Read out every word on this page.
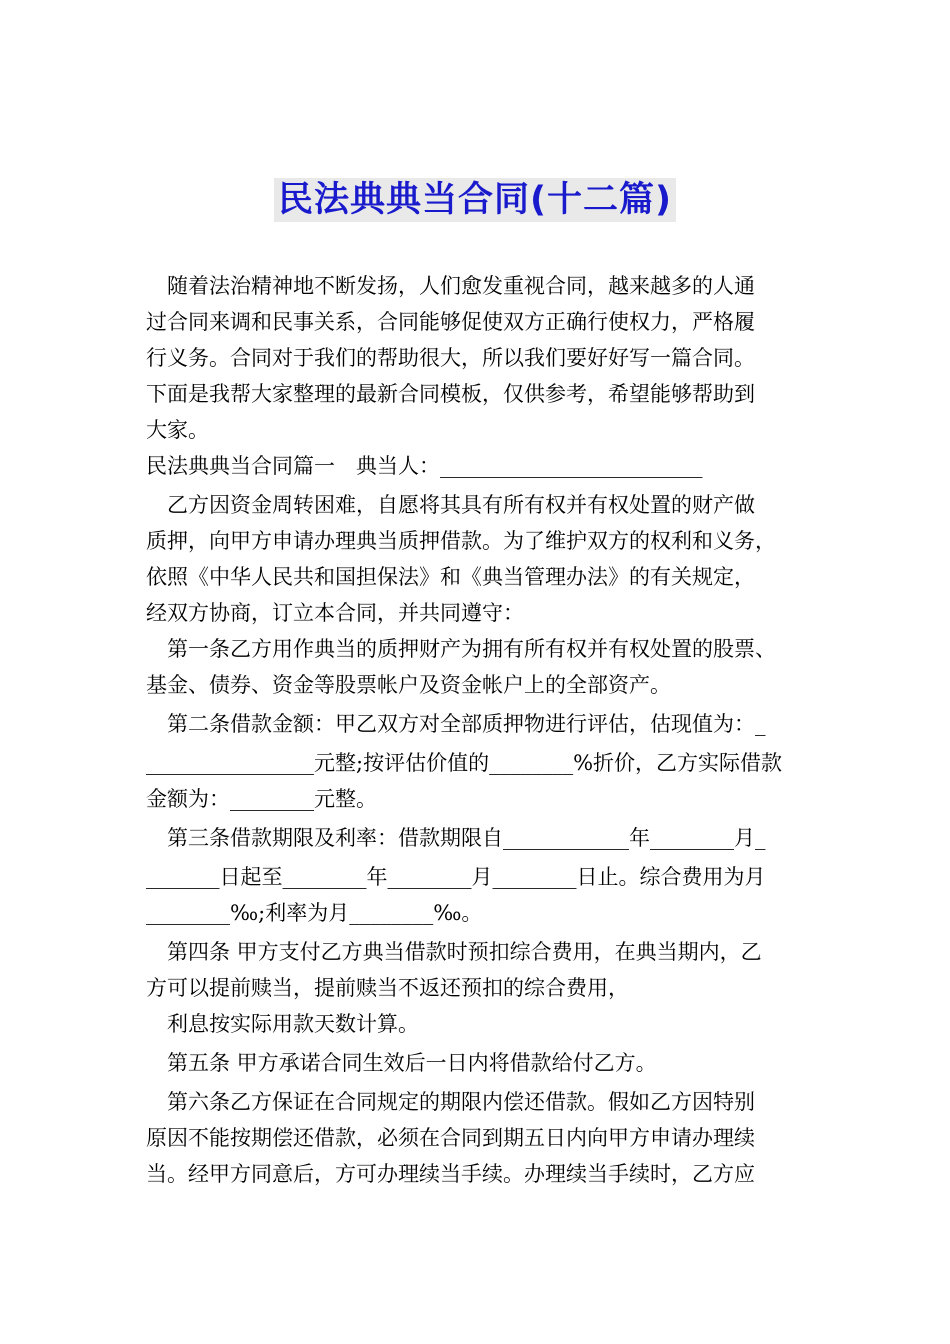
民法典典当合同(十二篇)

随着法治精神地不断发扬，人们愈发重视合同，越来越多的人通

过合同来调和民事关系，合同能够促使双方正确行使权力，严格履

行义务。合同对于我们的帮助很大，所以我们要好好写一篇合同。

下面是我帮大家整理的最新合同模板，仅供参考，希望能够帮助到

大家。

民法典典当合同篇一　典当人：_________________________

乙方因资金周转困难，自愿将其具有所有权并有权处置的财产做

质押，向甲方申请办理典当质押借款。为了维护双方的权利和义务，

依照《中华人民共和国担保法》和《典当管理办法》的有关规定，

经双方协商，订立本合同，并共同遵守：

第一条乙方用作典当的质押财产为拥有所有权并有权处置的股票、

基金、债券、资金等股票帐户及资金帐户上的全部资产。

第二条借款金额：甲乙双方对全部质押物进行评估，估现值为：_

________________元整;按评估价值的________%折价，乙方实际借款

金额为：________元整。

第三条借款期限及利率：借款期限自____________年________月_

_______日起至________年________月________日止。综合费用为月

________‰;利率为月________‰。

第四条 甲方支付乙方典当借款时预扣综合费用，在典当期内，乙

方可以提前赎当，提前赎当不返还预扣的综合费用，

利息按实际用款天数计算。

第五条 甲方承诺合同生效后一日内将借款给付乙方。

第六条乙方保证在合同规定的期限内偿还借款。假如乙方因特别

原因不能按期偿还借款，必须在合同到期五日内向甲方申请办理续

当。经甲方同意后，方可办理续当手续。办理续当手续时，乙方应
